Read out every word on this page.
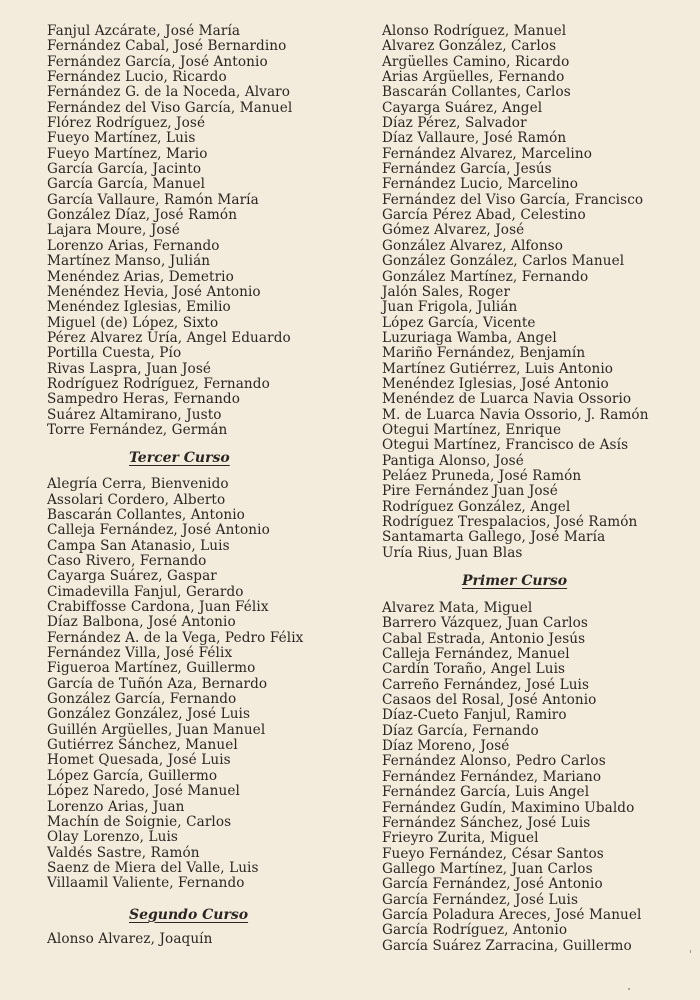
Fanjul Azcárate, José María
Fernández Cabal, José Bernardino
Fernández García, José Antonio
Fernández Lucio, Ricardo
Fernández G. de la Noceda, Alvaro
Fernández del Viso García, Manuel
Flórez Rodríguez, José
Fueyo Martínez, Luis
Fueyo Martínez, Mario
García García, Jacinto
García García, Manuel
García Vallaure, Ramón María
González Díaz, José Ramón
Lajara Moure, José
Lorenzo Arias, Fernando
Martínez Manso, Julián
Menéndez Arias, Demetrio
Menéndez Hevia, José Antonio
Menéndez Iglesias, Emilio
Miguel (de) López, Sixto
Pérez Alvarez Uría, Angel Eduardo
Portilla Cuesta, Pío
Rivas Laspra, Juan José
Rodríguez Rodríguez, Fernando
Sampedro Heras, Fernando
Suárez Altamirano, Justo
Torre Fernández, Germán
Tercer Curso
Alegría Cerra, Bienvenido
Assolari Cordero, Alberto
Bascarán Collantes, Antonio
Calleja Fernández, José Antonio
Campa San Atanasio, Luis
Caso Rivero, Fernando
Cayarga Suárez, Gaspar
Cimadevilla Fanjul, Gerardo
Crabiffosse Cardona, Juan Félix
Díaz Balbona, José Antonio
Fernández A. de la Vega, Pedro Félix
Fernández Villa, José Félix
Figueroa Martínez, Guillermo
García de Tuñón Aza, Bernardo
González García, Fernando
González González, José Luis
Guillén Argüelles, Juan Manuel
Gutiérrez Sánchez, Manuel
Homet Quesada, José Luis
López García, Guillermo
López Naredo, José Manuel
Lorenzo Arias, Juan
Machín de Soignie, Carlos
Olay Lorenzo, Luis
Valdés Sastre, Ramón
Saenz de Miera del Valle, Luis
Villaamil Valiente, Fernando
Segundo Curso
Alonso Alvarez, Joaquín
Alonso Rodríguez, Manuel
Alvarez González, Carlos
Argüelles Camino, Ricardo
Arias Argüelles, Fernando
Bascarán Collantes, Carlos
Cayarga Suárez, Angel
Díaz Pérez, Salvador
Díaz Vallaure, José Ramón
Fernández Alvarez, Marcelino
Fernández García, Jesús
Fernández Lucio, Marcelino
Fernández del Viso García, Francisco
García Pérez Abad, Celestino
Gómez Alvarez, José
González Alvarez, Alfonso
González González, Carlos Manuel
González Martínez, Fernando
Jalón Sales, Roger
Juan Frigola, Julián
López García, Vicente
Luzuriaga Wamba, Angel
Mariño Fernández, Benjamín
Martínez Gutiérrez, Luis Antonio
Menéndez Iglesias, José Antonio
Menéndez de Luarca Navia Ossorio
M. de Luarca Navia Ossorio, J. Ramón
Otegui Martínez, Enrique
Otegui Martínez, Francisco de Asís
Pantiga Alonso, José
Peláez Pruneda, José Ramón
Pire Fernández Juan José
Rodríguez González, Angel
Rodríguez Trespalacios, José Ramón
Santamarta Gallego, José María
Uría Rius, Juan Blas
Primer Curso
Alvarez Mata, Miguel
Barrero Vázquez, Juan Carlos
Cabal Estrada, Antonio Jesús
Calleja Fernández, Manuel
Cardín Toraño, Angel Luis
Carreño Fernández, José Luis
Casaos del Rosal, José Antonio
Díaz-Cueto Fanjul, Ramiro
Díaz García, Fernando
Díaz Moreno, José
Fernández Alonso, Pedro Carlos
Fernández Fernández, Mariano
Fernández García, Luis Angel
Fernández Gudín, Maximino Ubaldo
Fernández Sánchez, José Luis
Frieyro Zurita, Miguel
Fueyo Fernández, César Santos
Gallego Martínez, Juan Carlos
García Fernández, José Antonio
García Fernández, José Luis
García Poladura Areces, José Manuel
García Rodríguez, Antonio
García Suárez Zarracina, Guillermo
